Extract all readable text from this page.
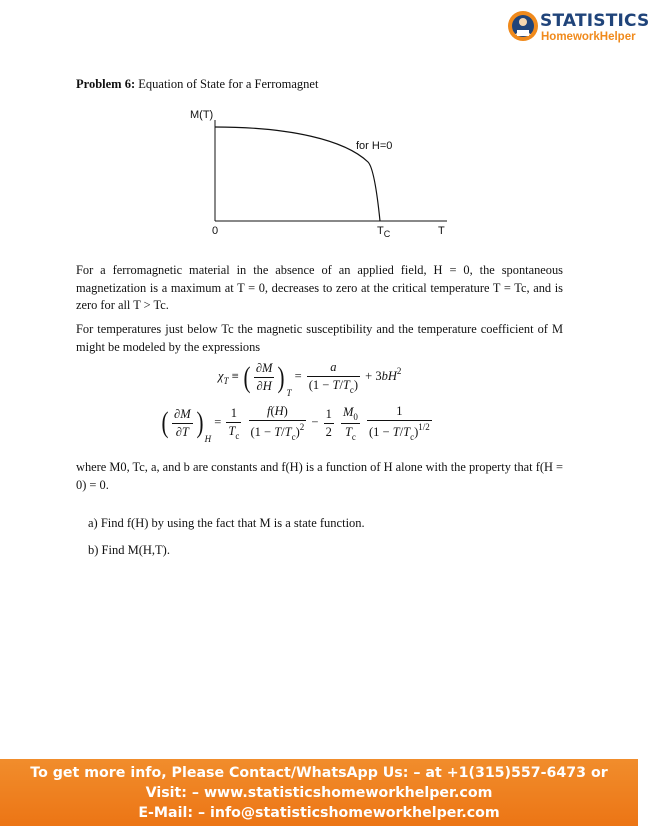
STATISTICS
HomeworkHelper
Problem 6: Equation of State for a Ferromagnet
M(T)
0	$T_C$	T
for H=0

For a ferromagnetic material in the absence of an applied field, H = 0, the spontaneous magnetization is a maximum at T = 0, decreases to zero at the critical temperature T = Tc, and is zero for all T > Tc.

For temperatures just below Tc the magnetic susceptibility and the temperature coefficient of M might be modeled by the expressions

$\chi_T$ ≡ ( $\frac{\partial M}{\partial H}$ ) $T = \frac{a}{(1 - T/T_c)} + 3bH^2$
( $\frac{\partial M}{\partial T}$ ) $H = \frac{1}{T_c}$
$\frac{f(H)}{(1 - T/T_c)^2} - \frac{1}{2}$
$\frac{M_0}{T_c}$
$\frac{1}{(1 - T/T_c)^{1/2}}$

where M0, Tc, a, and b are constants and f(H) is a function of H alone with the property that f(H = 0) = 0.

a) Find f(H) by using the fact that M is a state function.
b) Find M(H,T).
To get more info, Please Contact/WhatsApp Us: – at +1(315)557-6473 or
Visit: – www.statisticshomeworkhelper.com
E-Mail: – info@statisticshomeworkhelper.com
